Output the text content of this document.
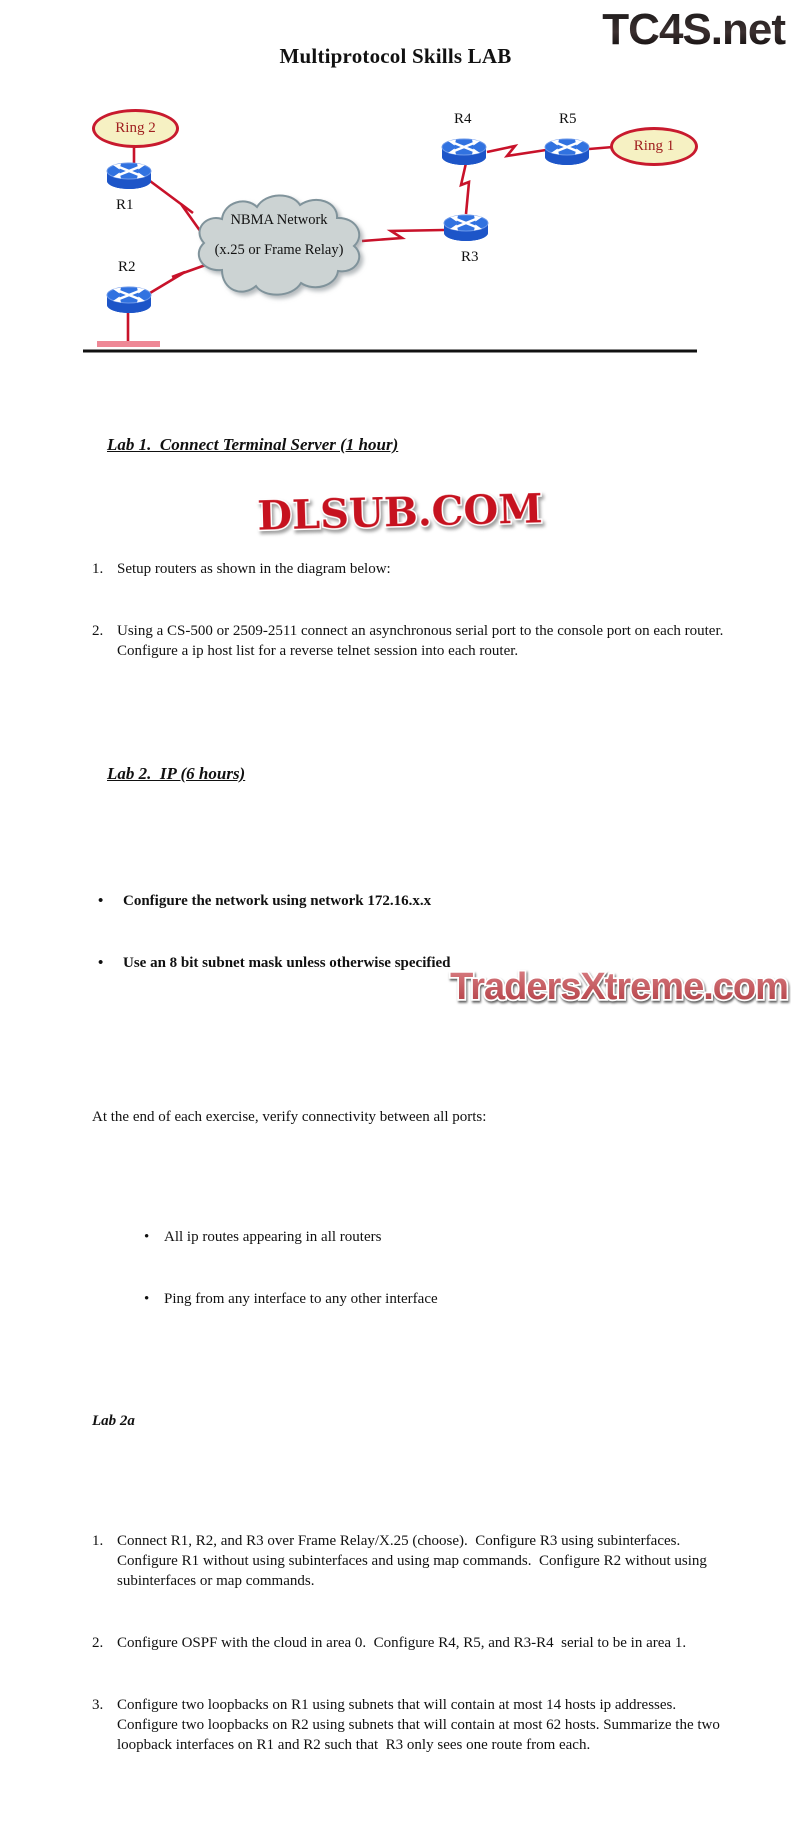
TC4S.net
Multiprotocol Skills LAB
NBMA Network
(x.25 or Frame Relay)
Ring 2
Ring 1
R1
R2
R3
R4	R5

Lab 1.  Connect Terminal Server (1 hour)

1. Setup routers as shown in the diagram below:

2. Using a CS-500 or 2509-2511 connect an asynchronous serial port to the console port on each router.  Configure a ip host list for a reverse telnet session into each router.

Lab 2.  IP (6 hours)

•	Configure the network using network 172.16.x.x

•	Use an 8 bit subnet mask unless otherwise specified

At the end of each exercise, verify connectivity between all ports:

• All ip routes appearing in all routers

• Ping from any interface to any other interface

Lab 2a

1. Connect R1, R2, and R3 over Frame Relay/X.25 (choose).  Configure R3 using subinterfaces.  Configure R1 without using subinterfaces and using map commands.  Configure R2 without using subinterfaces or map commands.

2. Configure OSPF with the cloud in area 0.  Configure R4, R5, and R3-R4  serial to be in area 1.

3. Configure two loopbacks on R1 using subnets that will contain at most 14 hosts ip addresses.  Configure two loopbacks on R2 using subnets that will contain at most 62 hosts. Summarize the two loopback interfaces on R1 and R2 such that  R3 only sees one route from each.

DLSUB.COM
TradersXtreme.com
